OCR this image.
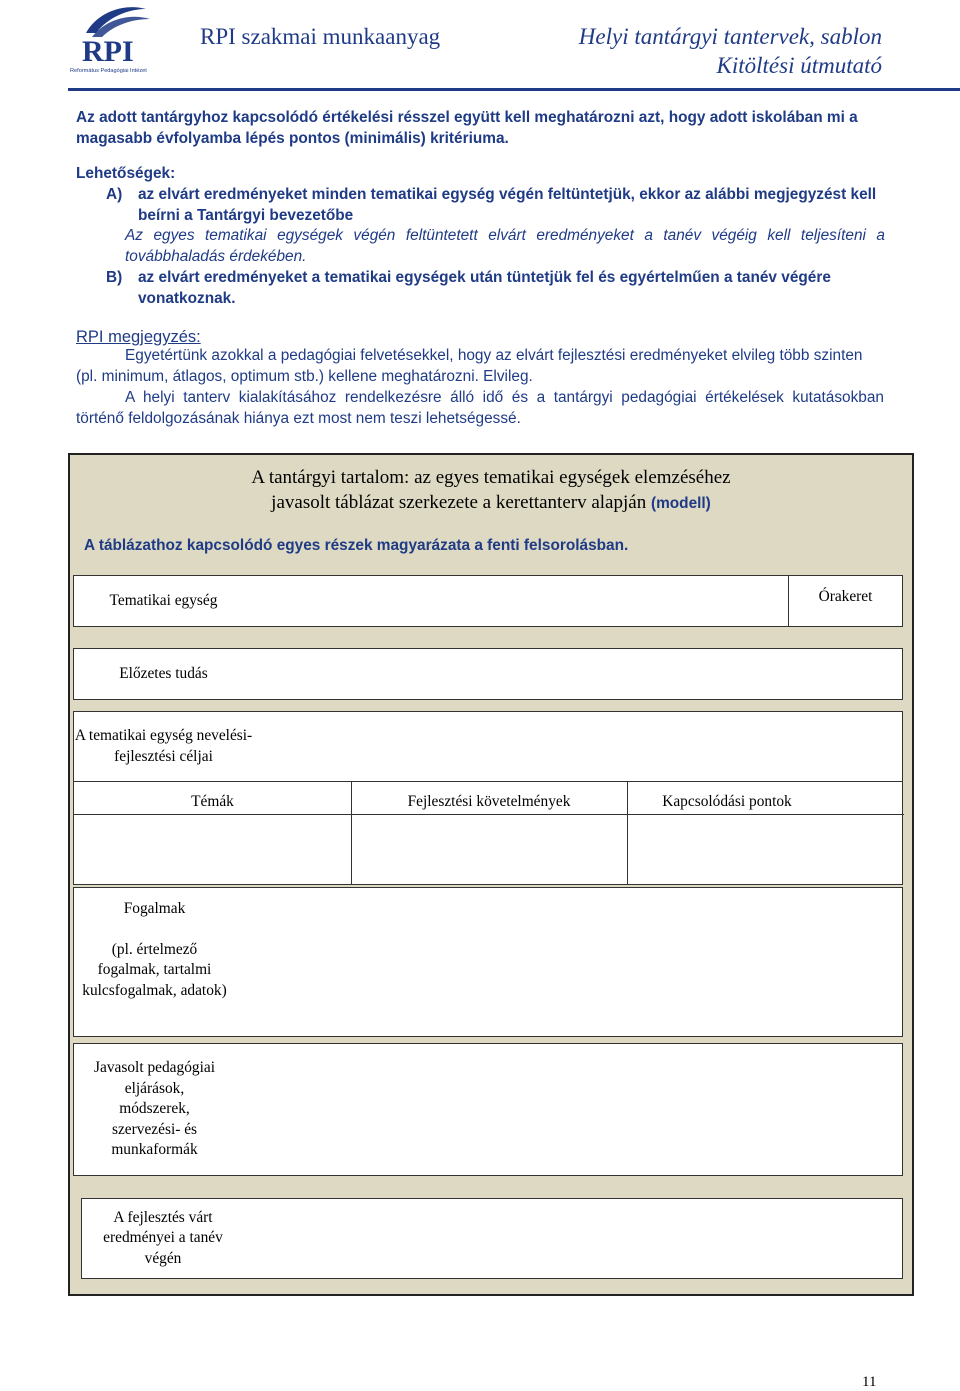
RPI
Református Pedagógiai Intézet
RPI szakmai munkaanyag	Helyi tantárgyi tantervek, sablon
Kitöltési útmutató
Az adott tantárgyhoz kapcsolódó értékelési résszel együtt kell meghatározni azt, hogy adott iskolában mi a magasabb évfolyamba lépés pontos (minimális) kritériuma.
Lehetőségek:
A)	az elvárt eredményeket minden tematikai egység végén feltüntetjük, ekkor az alábbi megjegyzést kell beírni a Tantárgyi bevezetőbe
Az egyes tematikai egységek végén feltüntetett elvárt eredményeket a tanév végéig kell teljesíteni a továbbhaladás érdekében.
B)	az elvárt eredményeket a tematikai egységek után tüntetjük fel és egyértelműen a tanév végére vonatkoznak.
RPI megjegyzés:
Egyetértünk azokkal a pedagógiai felvetésekkel, hogy az elvárt fejlesztési eredményeket elvileg több szinten (pl. minimum, átlagos, optimum stb.) kellene meghatározni. Elvileg.
A helyi tanterv kialakításához rendelkezésre álló idő és a tantárgyi pedagógiai értékelések kutatásokban történő feldolgozásának hiánya ezt most nem teszi lehetségessé.
A tantárgyi tartalom: az egyes tematikai egységek elemzéséhez
javasolt táblázat szerkezete a kerettanterv alapján (modell)
A táblázathoz kapcsolódó egyes részek magyarázata a fenti felsorolásban.
Tematikai egység	Órakeret
Előzetes tudás
A tematikai egység nevelési-fejlesztési céljai
Témák	Fejlesztési követelmények	Kapcsolódási pontok
Fogalmak
(pl. értelmező fogalmak, tartalmi kulcsfogalmak, adatok)
Javasolt pedagógiai eljárások, módszerek, szervezési- és munkaformák
A fejlesztés várt eredményei a tanév végén
11
